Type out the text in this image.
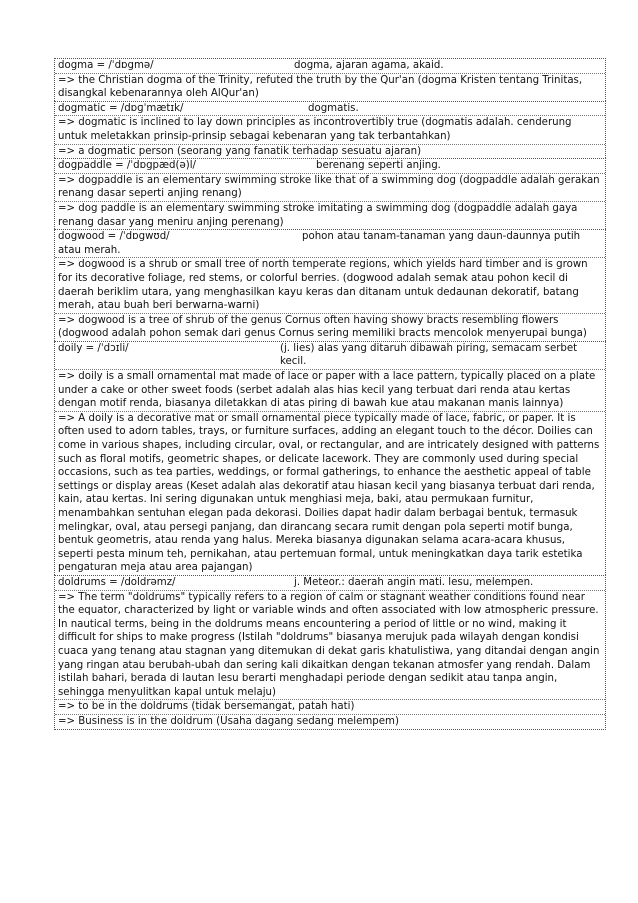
dogma = /ˈdɒgmə/	dogma, ajaran agama, akaid.
=> the Christian dogma of the Trinity, refuted the truth by the Qur'an (dogma Kristen tentang Trinitas, disangkal kebenarannya oleh AlQur'an)
dogmatic = /dɒɡˈmætɪk/	dogmatis.
=> dogmatic is inclined to lay down principles as incontrovertibly true (dogmatis adalah. cenderung untuk meletakkan prinsip-prinsip sebagai kebenaran yang tak terbantahkan)
=> a dogmatic person (seorang yang fanatik terhadap sesuatu ajaran)
dogpaddle = /ˈdɒgpæd(ə)l/	berenang seperti anjing.
=> dogpaddle is an elementary swimming stroke like that of a swimming dog (dogpaddle adalah gerakan renang dasar seperti anjing renang)
=> dog paddle is an elementary swimming stroke imitating a swimming dog (dogpaddle adalah gaya renang dasar yang meniru anjing perenang)
dogwood = /ˈdɒgwʊd/	pohon atau tanam-tanaman yang daun-daunnya putih atau merah.
=> dogwood is a shrub or small tree of north temperate regions, which yields hard timber and is grown for its decorative foliage, red stems, or colorful berries. (dogwood adalah semak atau pohon kecil di daerah beriklim utara, yang menghasilkan kayu keras dan ditanam untuk dedaunan dekoratif, batang merah, atau buah beri berwarna-warni)
=> dogwood is a tree of shrub of the genus Cornus often having showy bracts resembling flowers (dogwood adalah pohon semak dari genus Cornus sering memiliki bracts mencolok menyerupai bunga)
doily = /ˈdɔɪli/	(j. lies) alas yang ditaruh dibawah piring, semacam serbet kecil.
=> doily is a small ornamental mat made of lace or paper with a lace pattern, typically placed on a plate under a cake or other sweet foods (serbet adalah alas hias kecil yang terbuat dari renda atau kertas dengan motif renda, biasanya diletakkan di atas piring di bawah kue atau makanan manis lainnya)
=> A doily is a decorative mat or small ornamental piece typically made of lace, fabric, or paper. It is often used to adorn tables, trays, or furniture surfaces, adding an elegant touch to the décor. Doilies can come in various shapes, including circular, oval, or rectangular, and are intricately designed with patterns such as floral motifs, geometric shapes, or delicate lacework. They are commonly used during special occasions, such as tea parties, weddings, or formal gatherings, to enhance the aesthetic appeal of table settings or display areas (Keset adalah alas dekoratif atau hiasan kecil yang biasanya terbuat dari renda, kain, atau kertas. Ini sering digunakan untuk menghiasi meja, baki, atau permukaan furnitur, menambahkan sentuhan elegan pada dekorasi. Doilies dapat hadir dalam berbagai bentuk, termasuk melingkar, oval, atau persegi panjang, dan dirancang secara rumit dengan pola seperti motif bunga, bentuk geometris, atau renda yang halus. Mereka biasanya digunakan selama acara-acara khusus, seperti pesta minum teh, pernikahan, atau pertemuan formal, untuk meningkatkan daya tarik estetika pengaturan meja atau area pajangan)
doldrums = /doldrəmz/	j. Meteor.: daerah angin mati. lesu, melempen.
=> The term "doldrums" typically refers to a region of calm or stagnant weather conditions found near the equator, characterized by light or variable winds and often associated with low atmospheric pressure. In nautical terms, being in the doldrums means encountering a period of little or no wind, making it difficult for ships to make progress (Istilah "doldrums" biasanya merujuk pada wilayah dengan kondisi cuaca yang tenang atau stagnan yang ditemukan di dekat garis khatulistiwa, yang ditandai dengan angin yang ringan atau berubah-ubah dan sering kali dikaitkan dengan tekanan atmosfer yang rendah. Dalam istilah bahari, berada di lautan lesu berarti menghadapi periode dengan sedikit atau tanpa angin, sehingga menyulitkan kapal untuk melaju)
=> to be in the doldrums (tidak bersemangat, patah hati)
=> Business is in the doldrum (Usaha dagang sedang melempem)
